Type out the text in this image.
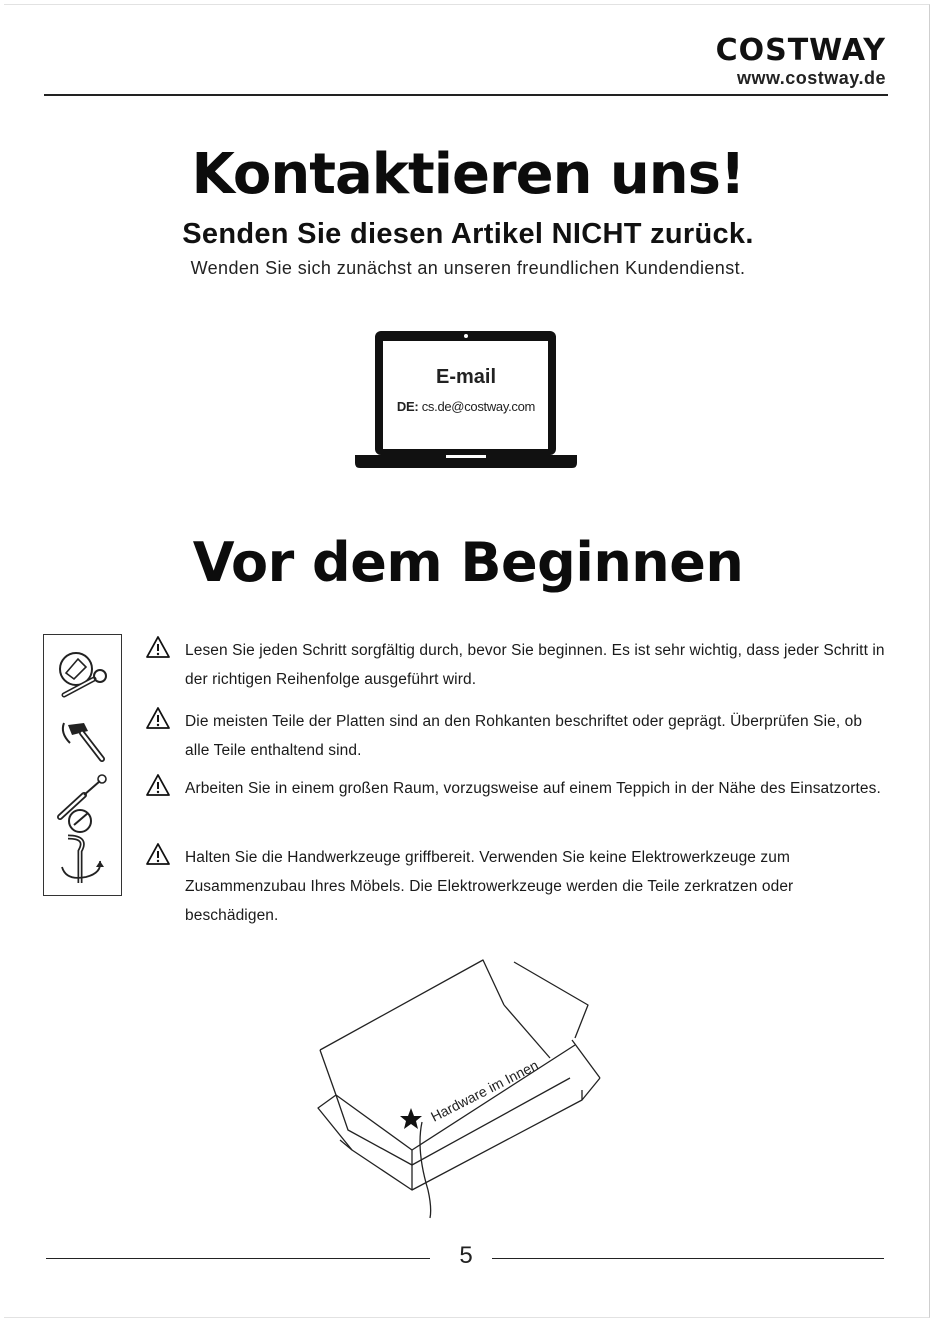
COSTWAY
www.costway.de
Kontaktieren uns!
Senden Sie diesen Artikel NICHT zurück.
Wenden Sie sich zunächst an unseren freundlichen Kundendienst.
E-mail
DE: cs.de@costway.com
Vor dem Beginnen
Lesen Sie jeden Schritt sorgfältig durch, bevor Sie beginnen. Es ist sehr wichtig, dass jeder Schritt in der richtigen Reihenfolge ausgeführt wird.
Die meisten Teile der Platten sind an den Rohkanten beschriftet oder geprägt. Überprüfen Sie, ob alle Teile enthaltend sind.
Arbeiten Sie in einem großen Raum, vorzugsweise auf einem Teppich in der Nähe des Einsatzortes.
Halten Sie die Handwerkzeuge griffbereit. Verwenden Sie keine Elektrowerkzeuge zum Zusammenzubau Ihres Möbels. Die Elektrowerkzeuge werden die Teile zerkratzen oder beschädigen.
Hardware im Innen
5
